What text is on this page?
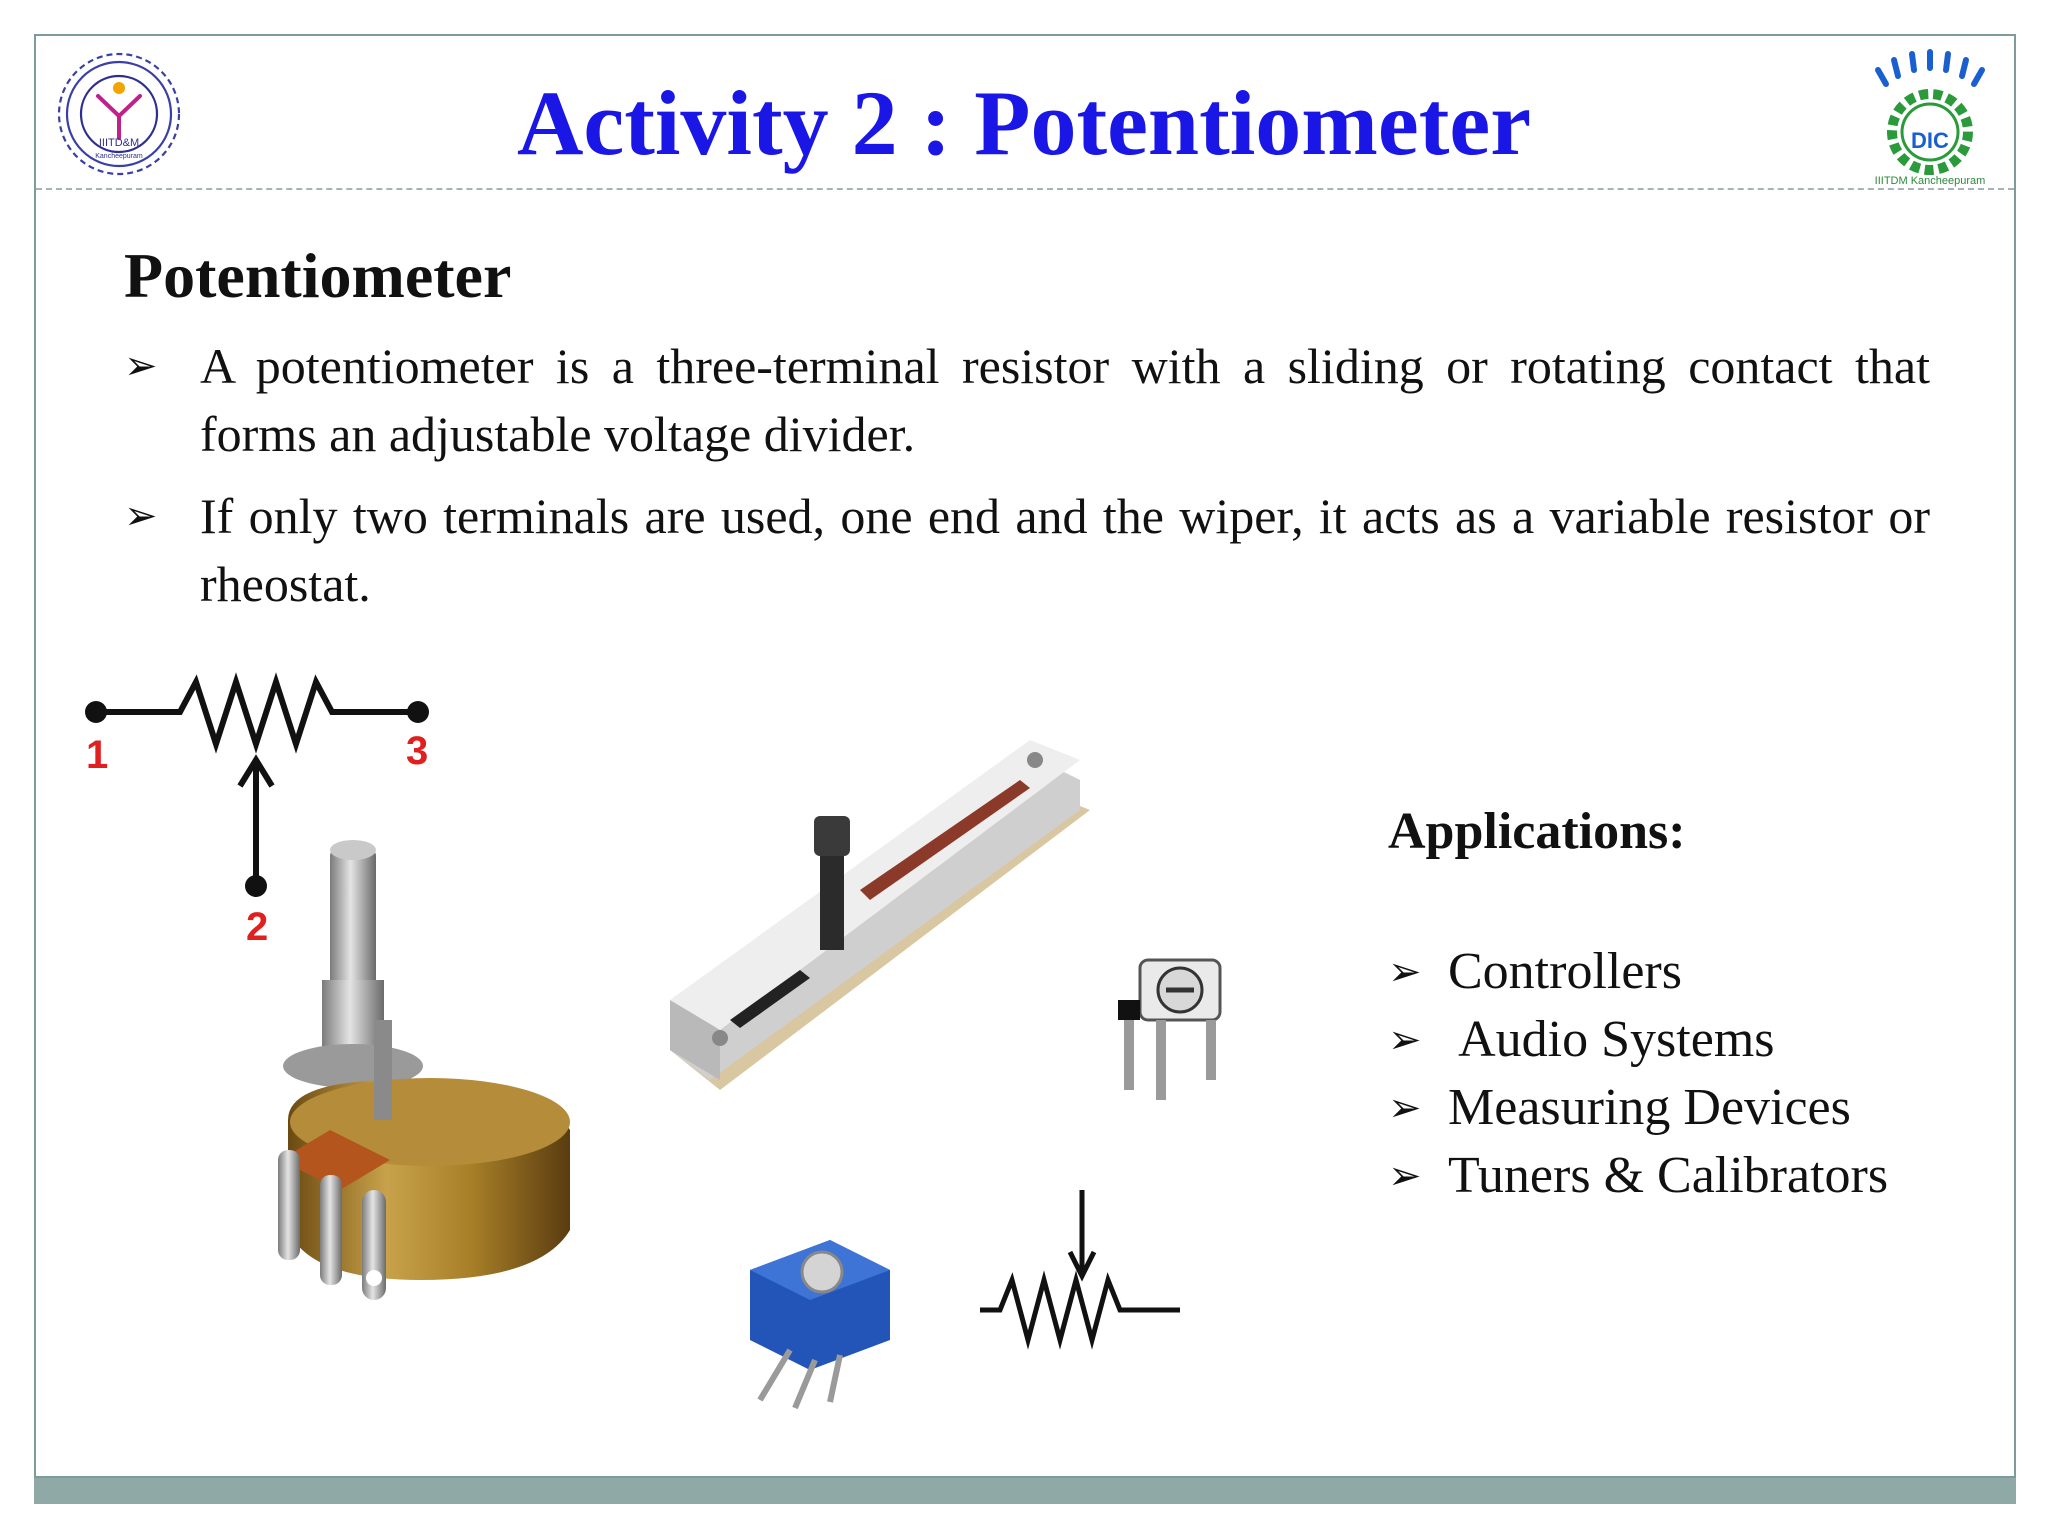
IIITD&M
Kancheepuram	Activity 2 : Potentiometer	DIC
IIITDM Kancheepuram
Potentiometer
➢ A potentiometer is a three-terminal resistor with a sliding or rotating contact that forms an adjustable voltage divider.
➢ If only two terminals are used, one end and the wiper, it acts as a variable resistor or rheostat.
1	3
2
Applications:
➢ Controllers
➢ Audio Systems
➢ Measuring Devices
➢ Tuners & Calibrators
